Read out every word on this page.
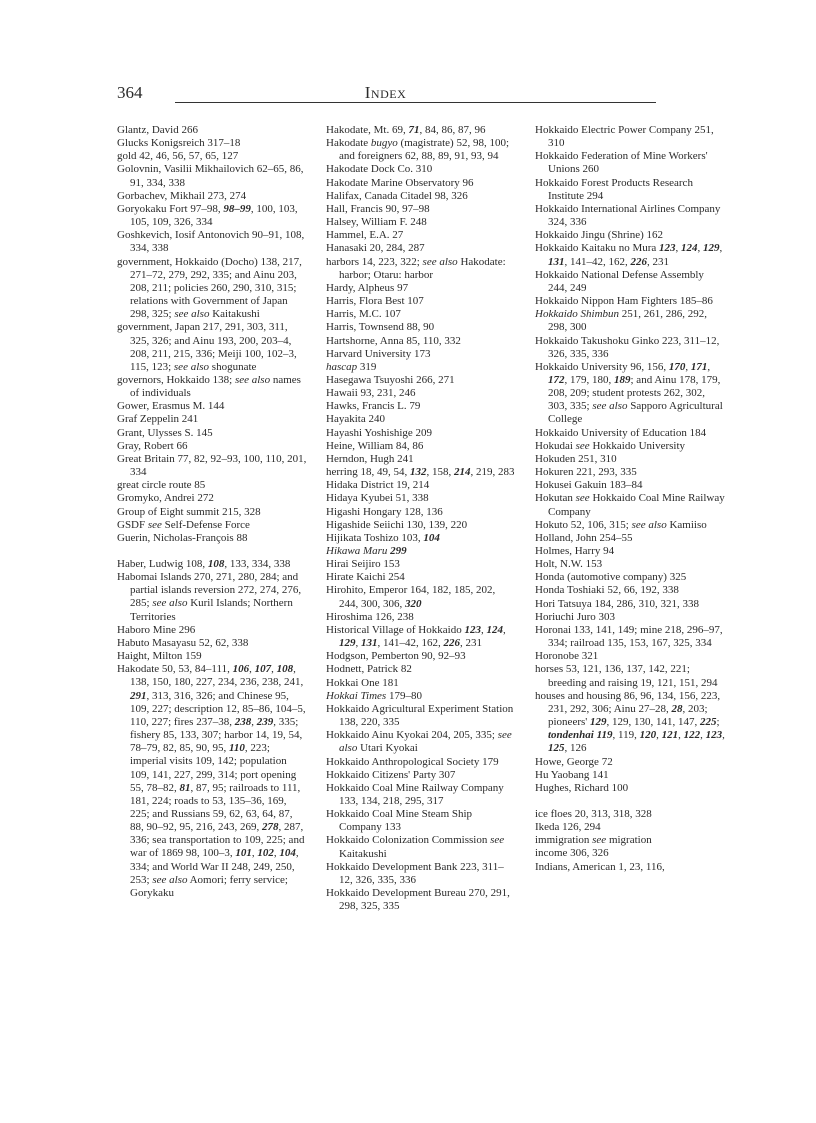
364	Index
Glantz, David 266
Glucks Konigsreich 317–18
gold 42, 46, 56, 57, 65, 127
Golovnin, Vasilii Mikhailovich 62–65, 86, 91, 334, 338
Gorbachev, Mikhail 273, 274
Goryokaku Fort 97–98, 98–99, 100, 103, 105, 109, 326, 334
Goshkevich, Iosif Antonovich 90–91, 108, 334, 338
government, Hokkaido (Docho) 138, 217, 271–72, 279, 292, 335; and Ainu 203, 208, 211; policies 260, 290, 310, 315; relations with Government of Japan 298, 325; see also Kaitakushi
government, Japan 217, 291, 303, 311, 325, 326; and Ainu 193, 200, 203–4, 208, 211, 215, 336; Meiji 100, 102–3, 115, 123; see also shogunate
governors, Hokkaido 138; see also names of individuals
Gower, Erasmus M. 144
Graf Zeppelin 241
Grant, Ulysses S. 145
Gray, Robert 66
Great Britain 77, 82, 92–93, 100, 110, 201, 334
great circle route 85
Gromyko, Andrei 272
Group of Eight summit 215, 328
GSDF see Self-Defense Force
Guerin, Nicholas-François 88
Haber, Ludwig 108, 108, 133, 334, 338
Habomai Islands 270, 271, 280, 284; and partial islands reversion 272, 274, 276, 285; see also Kuril Islands; Northern Territories
Haboro Mine 296
Habuto Masayasu 52, 62, 338
Haight, Milton 159
Hakodate 50, 53, 84–111, 106, 107, 108, 138, 150, 180, 227, 234, 236, 238, 241, 291, 313, 316, 326; and Chinese 95, 109, 227; description 12, 85–86, 104–5, 110, 227; fires 237–38, 238, 239, 335; fishery 85, 133, 307; harbor 14, 19, 54, 78–79, 82, 85, 90, 95, 110, 223; imperial visits 109, 142; population 109, 141, 227, 299, 314; port opening 55, 78–82, 81, 87, 95; railroads to 111, 181, 224; roads to 53, 135–36, 169, 225; and Russians 59, 62, 63, 64, 87, 88, 90–92, 95, 216, 243, 269, 278, 287, 336; sea transportation to 109, 225; and war of 1869 98, 100–3, 101, 102, 104, 334; and World War II 248, 249, 250, 253; see also Aomori; ferry service; Gorykaku
Hakodate, Mt. 69, 71, 84, 86, 87, 96
Hakodate bugyo (magistrate) 52, 98, 100; and foreigners 62, 88, 89, 91, 93, 94
Hakodate Dock Co. 310
Hakodate Marine Observatory 96
Halifax, Canada Citadel 98, 326
Hall, Francis 90, 97–98
Halsey, William F. 248
Hammel, E.A. 27
Hanasaki 20, 284, 287
harbors 14, 223, 322; see also Hakodate: harbor; Otaru: harbor
Hardy, Alpheus 97
Harris, Flora Best 107
Harris, M.C. 107
Harris, Townsend 88, 90
Hartshorne, Anna 85, 110, 332
Harvard University 173
hascap 319
Hasegawa Tsuyoshi 266, 271
Hawaii 93, 231, 246
Hawks, Francis L. 79
Hayakita 240
Hayashi Yoshishige 209
Heine, William 84, 86
Herndon, Hugh 241
herring 18, 49, 54, 132, 158, 214, 219, 283
Hidaka District 19, 214
Hidaya Kyubei 51, 338
Higashi Hongary 128, 136
Higashide Seiichi 130, 139, 220
Hijikata Toshizo 103, 104
Hikawa Maru 299
Hirai Seijiro 153
Hirate Kaichi 254
Hirohito, Emperor 164, 182, 185, 202, 244, 300, 306, 320
Hiroshima 126, 238
Historical Village of Hokkaido 123, 124, 129, 131, 141–42, 162, 226, 231
Hodgson, Pemberton 90, 92–93
Hodnett, Patrick 82
Hokkai One 181
Hokkai Times 179–80
Hokkaido Agricultural Experiment Station 138, 220, 335
Hokkaido Ainu Kyokai 204, 205, 335; see also Utari Kyokai
Hokkaido Anthropological Society 179
Hokkaido Citizens' Party 307
Hokkaido Coal Mine Railway Company 133, 134, 218, 295, 317
Hokkaido Coal Mine Steam Ship Company 133
Hokkaido Colonization Commission see Kaitakushi
Hokkaido Development Bank 223, 311–12, 326, 335, 336
Hokkaido Development Bureau 270, 291, 298, 325, 335
Hokkaido Electric Power Company 251, 310
Hokkaido Federation of Mine Workers' Unions 260
Hokkaido Forest Products Research Institute 294
Hokkaido International Airlines Company 324, 336
Hokkaido Jingu (Shrine) 162
Hokkaido Kaitaku no Mura 123, 124, 129, 131, 141–42, 162, 226, 231
Hokkaido National Defense Assembly 244, 249
Hokkaido Nippon Ham Fighters 185–86
Hokkaido Shimbun 251, 261, 286, 292, 298, 300
Hokkaido Takushoku Ginko 223, 311–12, 326, 335, 336
Hokkaido University 96, 156, 170, 171, 172, 179, 180, 189; and Ainu 178, 179, 208, 209; student protests 262, 302, 303, 335; see also Sapporo Agricultural College
Hokkaido University of Education 184
Hokudai see Hokkaido University
Hokuden 251, 310
Hokuren 221, 293, 335
Hokusei Gakuin 183–84
Hokutan see Hokkaido Coal Mine Railway Company
Hokuto 52, 106, 315; see also Kamiiso
Holland, John 254–55
Holmes, Harry 94
Holt, N.W. 153
Honda (automotive company) 325
Honda Toshiaki 52, 66, 192, 338
Hori Tatsuya 184, 286, 310, 321, 338
Horiuchi Juro 303
Horonai 133, 141, 149; mine 218, 296–97, 334; railroad 135, 153, 167, 325, 334
Horonobe 321
horses 53, 121, 136, 137, 142, 221; breeding and raising 19, 121, 151, 294
houses and housing 86, 96, 134, 156, 223, 231, 292, 306; Ainu 27–28, 28, 203; pioneers' 129, 129, 130, 141, 147, 225; tondenhai 119, 119, 120, 121, 122, 123, 125, 126
Howe, George 72
Hu Yaobang 141
Hughes, Richard 100
ice floes 20, 313, 318, 328
Ikeda 126, 294
immigration see migration
income 306, 326
Indians, American 1, 23, 116,
